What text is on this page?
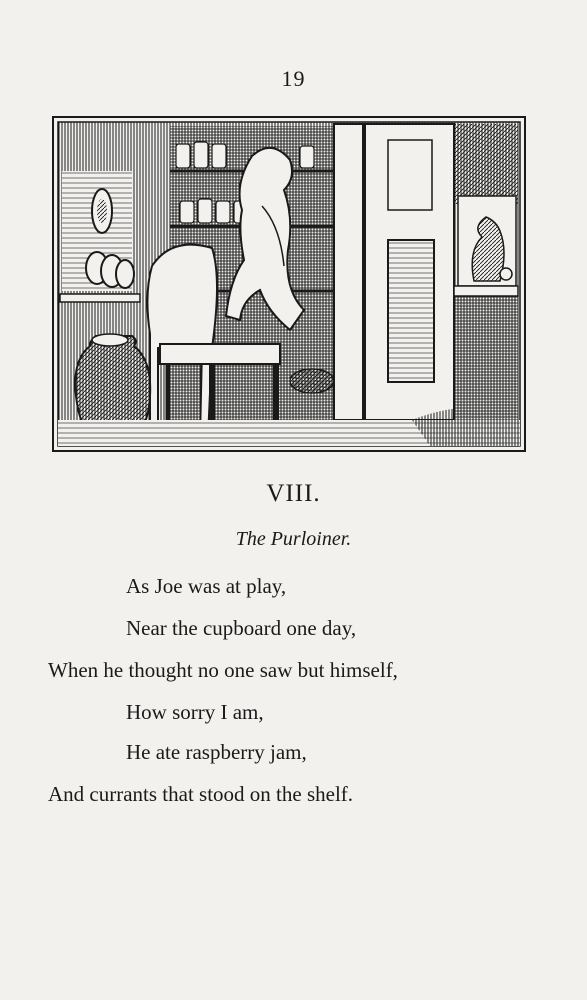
19
VIII.
The Purloiner.
As Joe was at play,
Near the cupboard one day,
When he thought no one saw but himself,
How sorry I am,
He ate raspberry jam,
And currants that stood on the shelf.
